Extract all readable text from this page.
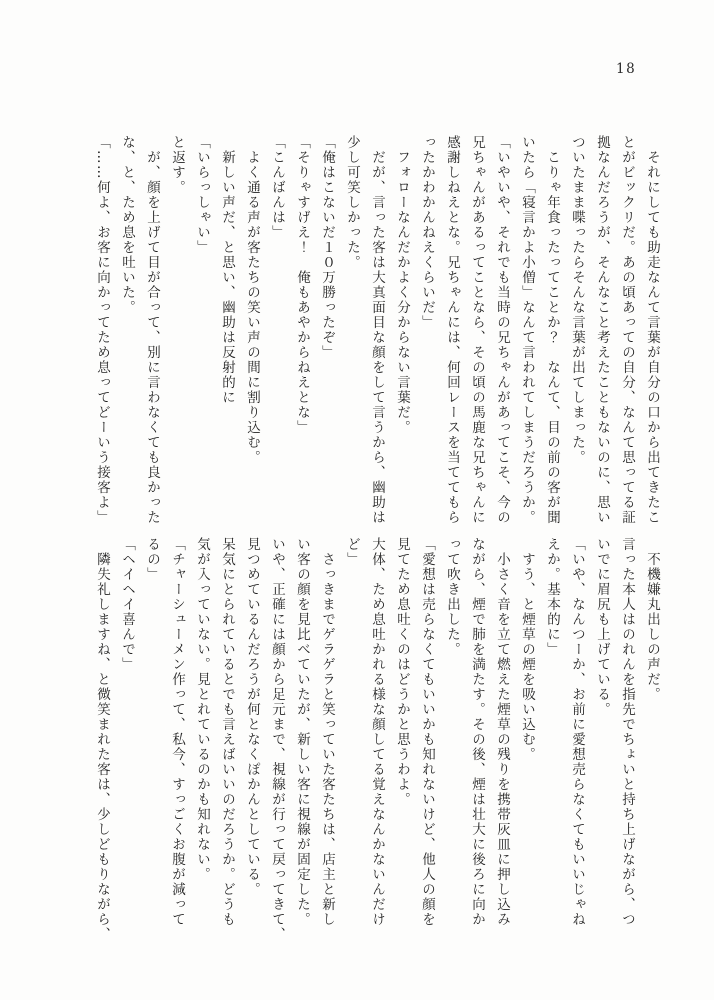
18
　それにしても助走なんて言葉が自分の口から出てきたこ
とがビックリだ。あの頃あっての自分、なんて思ってる証
拠なんだろうが、そんなこと考えたこともないのに、思い
ついたまま喋ったらそんな言葉が出てしまった。
　こりゃ年食ったってことか？　なんて、目の前の客が聞
いたら「寝言かよ小僧」なんて言われてしまうだろうか。
「いやいや、それでも当時の兄ちゃんがあってこそ、今の
兄ちゃんがあるってことなら、その頃の馬鹿な兄ちゃんに
感謝しねえとな。兄ちゃんには、何回レースを当ててもら
ったかわかんねえくらいだ」
　フォローなんだかよく分からない言葉だ。
　だが、言った客は大真面目な顔をして言うから、幽助は
少し可笑しかった。
「俺はこないだ１０万勝ったぞ」
「そりゃすげえ！　俺もあやからねえとな」
「こんばんは」
　よく通る声が客たちの笑い声の間に割り込む。
　新しい声だ、と思い、幽助は反射的に
「いらっしゃい」
と返す。
　が、顔を上げて目が合って、別に言わなくても良かった
な、と、ため息を吐いた。
「……何よ、お客に向かってため息ってどーいう接客よ」
　不機嫌丸出しの声だ。
言った本人はのれんを指先でちょいと持ち上げながら、つ
いでに眉尻も上げている。
「いや、なんつーか、お前に愛想売らなくてもいいじゃね
えか。基本的に」
　すう、と煙草の煙を吸い込む。
　小さく音を立て燃えた煙草の残りを携帯灰皿に押し込み
ながら、煙で肺を満たす。その後、煙は壮大に後ろに向か
って吹き出した。
「愛想は売らなくてもいいかも知れないけど、他人の顔を
見てため息吐くのはどうかと思うわよ。
大体、ため息吐かれる様な顔してる覚えなんかないんだけ
ど」
　さっきまでゲラゲラと笑っていた客たちは、店主と新し
い客の顔を見比べていたが、新しい客に視線が固定した。
いや、正確には顔から足元まで、視線が行って戻ってきて、
見つめているんだろうが何となくぽかんとしている。
呆気にとられているとでも言えばいいのだろうか。どうも
気が入っていない。見とれているのかも知れない。
「チャーシューメン作って、私今、すっごくお腹が減って
るの」
「ヘイヘイ喜んで」
　隣失礼しますね、と微笑まれた客は、少しどもりながら、
